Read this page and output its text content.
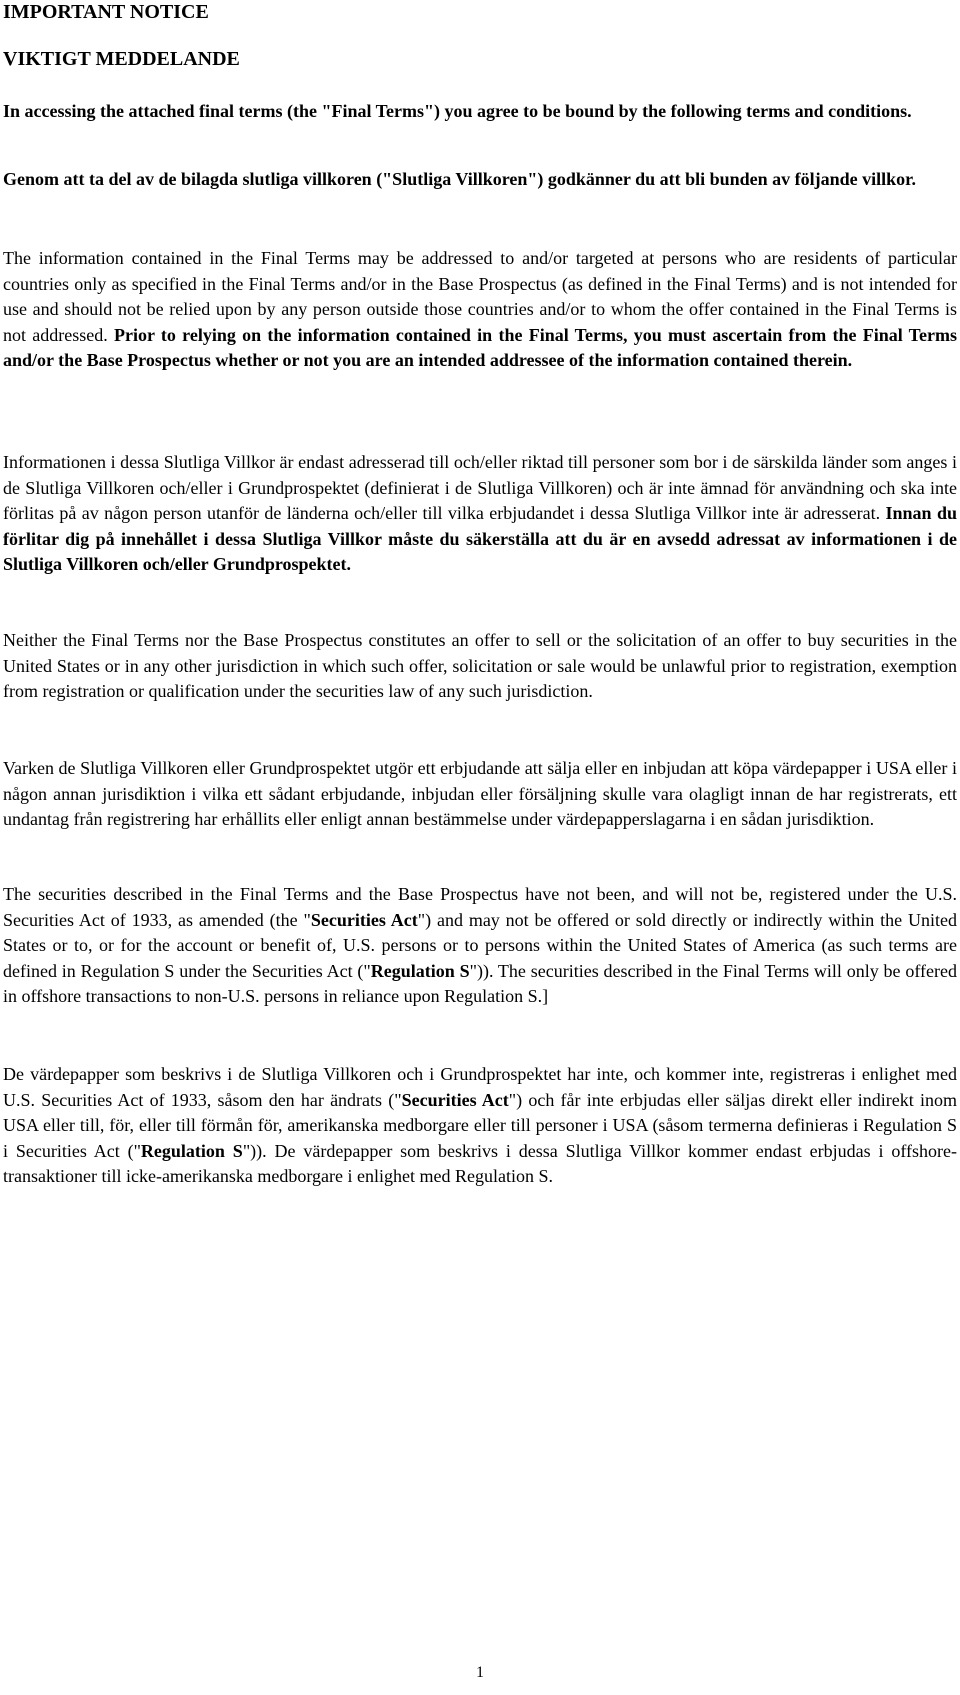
IMPORTANT NOTICE
VIKTIGT MEDDELANDE
In accessing the attached final terms (the "Final Terms") you agree to be bound by the following terms and conditions.
Genom att ta del av de bilagda slutliga villkoren ("Slutliga Villkoren") godkänner du att bli bunden av följande villkor.
The information contained in the Final Terms may be addressed to and/or targeted at persons who are residents of particular countries only as specified in the Final Terms and/or in the Base Prospectus (as defined in the Final Terms) and is not intended for use and should not be relied upon by any person outside those countries and/or to whom the offer contained in the Final Terms is not addressed. Prior to relying on the information contained in the Final Terms, you must ascertain from the Final Terms and/or the Base Prospectus whether or not you are an intended addressee of the information contained therein.
Informationen i dessa Slutliga Villkor är endast adresserad till och/eller riktad till personer som bor i de särskilda länder som anges i de Slutliga Villkoren och/eller i Grundprospektet (definierat i de Slutliga Villkoren) och är inte ämnad för användning och ska inte förlitas på av någon person utanför de länderna och/eller till vilka erbjudandet i dessa Slutliga Villkor inte är adresserat. Innan du förlitar dig på innehållet i dessa Slutliga Villkor måste du säkerställa att du är en avsedd adressat av informationen i de Slutliga Villkoren och/eller Grundprospektet.
Neither the Final Terms nor the Base Prospectus constitutes an offer to sell or the solicitation of an offer to buy securities in the United States or in any other jurisdiction in which such offer, solicitation or sale would be unlawful prior to registration, exemption from registration or qualification under the securities law of any such jurisdiction.
Varken de Slutliga Villkoren eller Grundprospektet utgör ett erbjudande att sälja eller en inbjudan att köpa värdepapper i USA eller i någon annan jurisdiktion i vilka ett sådant erbjudande, inbjudan eller försäljning skulle vara olagligt innan de har registrerats, ett undantag från registrering har erhållits eller enligt annan bestämmelse under värdepapperslagarna i en sådan jurisdiktion.
The securities described in the Final Terms and the Base Prospectus have not been, and will not be, registered under the U.S. Securities Act of 1933, as amended (the "Securities Act") and may not be offered or sold directly or indirectly within the United States or to, or for the account or benefit of, U.S. persons or to persons within the United States of America (as such terms are defined in Regulation S under the Securities Act ("Regulation S")). The securities described in the Final Terms will only be offered in offshore transactions to non-U.S. persons in reliance upon Regulation S.]
De värdepapper som beskrivs i de Slutliga Villkoren och i Grundprospektet har inte, och kommer inte, registreras i enlighet med U.S. Securities Act of 1933, såsom den har ändrats ("Securities Act") och får inte erbjudas eller säljas direkt eller indirekt inom USA eller till, för, eller till förmån för, amerikanska medborgare eller till personer i USA (såsom termerna definieras i Regulation S i Securities Act ("Regulation S")). De värdepapper som beskrivs i dessa Slutliga Villkor kommer endast erbjudas i offshore-transaktioner till icke-amerikanska medborgare i enlighet med Regulation S.
1
